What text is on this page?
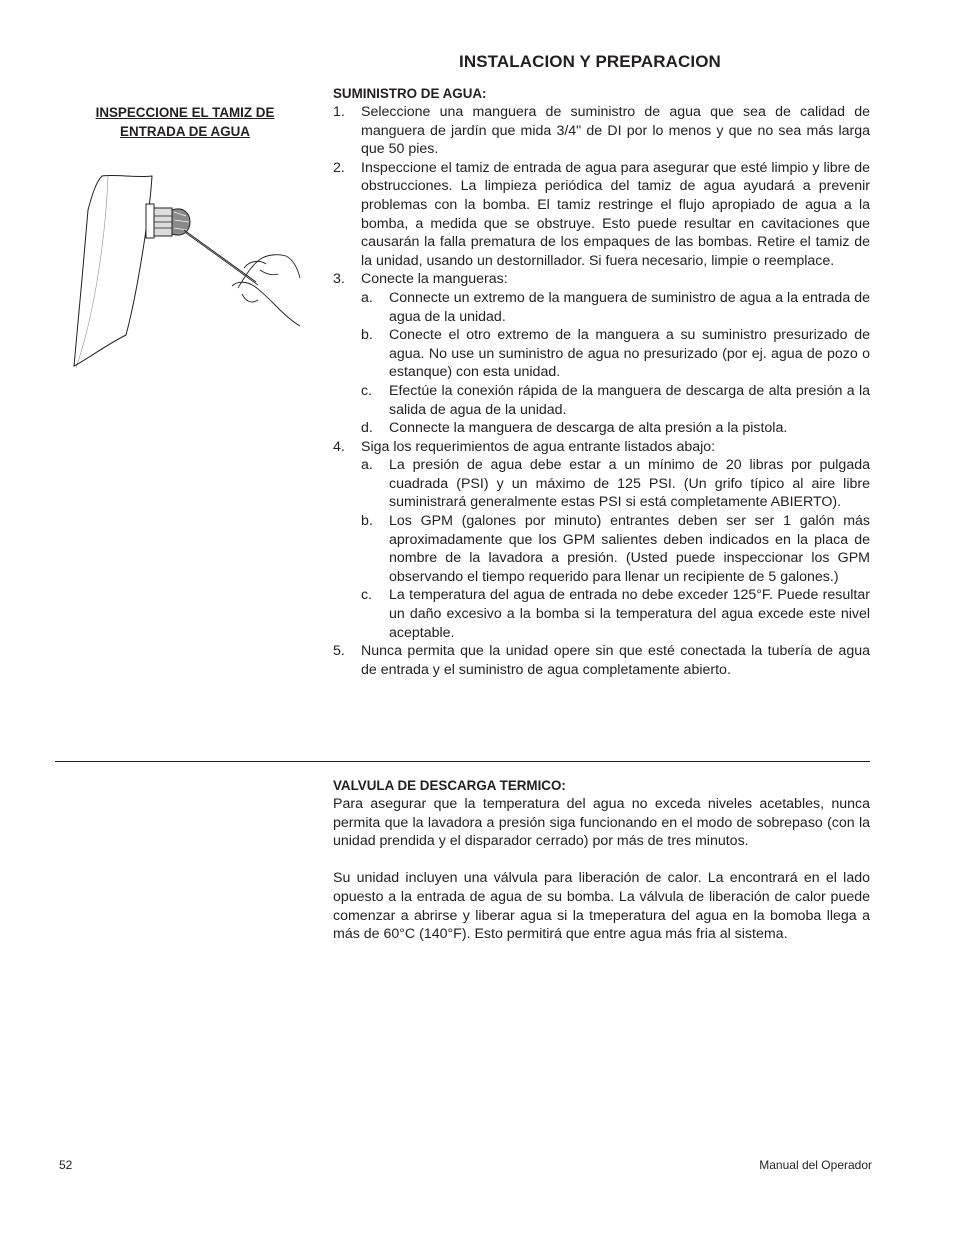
INSTALACION Y PREPARACION
INSPECCIONE EL TAMIZ DE
ENTRADA DE AGUA
SUMINISTRO DE AGUA:
1.	Seleccione una manguera de suministro de agua que sea de calidad de manguera de jardín que mida 3/4" de DI por lo menos y que no sea más larga que 50 pies.
2.	Inspeccione el tamiz de entrada de agua para asegurar que esté limpio y libre de obstrucciones. La limpieza periódica del tamiz de agua ayudará a prevenir problemas con la bomba. El tamiz restringe el flujo apropiado de agua a la bomba, a medida que se obstruye. Esto puede resultar en cavitaciones que causarán la falla prematura de los empaques de las bombas. Retire el tamiz de la unidad, usando un destornillador. Si fuera necesario, limpie o reemplace.
3.	Conecte la mangueras:
a.	Connecte un extremo de la manguera de suministro de agua a la entrada de agua de la unidad.
b.	Conecte el otro extremo de la manguera a su suministro presurizado de agua. No use un suministro de agua no presurizado (por ej. agua de pozo o estanque) con esta unidad.
c.	Efectúe la conexión rápida de la manguera de descarga de alta presión a la salida de agua de la unidad.
d.	Connecte la manguera de descarga de alta presión a la pistola.
4.	Siga los requerimientos de agua entrante listados abajo:
a.	La presión de agua debe estar a un mínimo de 20 libras por pulgada cuadrada (PSI) y un máximo de 125 PSI. (Un grifo típico al aire libre suministrará generalmente estas PSI si está completamente ABIERTO).
b.	Los GPM (galones por minuto) entrantes deben ser ser 1 galón más aproximadamente que los GPM salientes deben indicados en la placa de nombre de la lavadora a presión. (Usted puede inspeccionar los GPM observando el tiempo requerido para llenar un recipiente de 5 galones.)
c.	La temperatura del agua de entrada no debe exceder 125°F. Puede resultar un daño excesivo a la bomba si la temperatura del agua excede este nivel aceptable.
5.	Nunca permita que la unidad opere sin que esté conectada la tubería de agua de entrada y el suministro de agua completamente abierto.
VALVULA DE DESCARGA TERMICO:

Para asegurar que la temperatura del agua no exceda niveles acetables, nunca permita que la lavadora a presión siga funcionando en el modo de sobrepaso (con la unidad prendida y el disparador cerrado) por más de tres minutos.

Su unidad incluyen una válvula para liberación de calor. La encontrará en el lado opuesto a la entrada de agua de su bomba. La válvula de liberación de calor puede comenzar a abrirse y liberar agua si la tmeperatura del agua en la bomoba llega a más de 60°C (140°F). Esto permitirá que entre agua más fria al sistema.

52	Manual del Operador
